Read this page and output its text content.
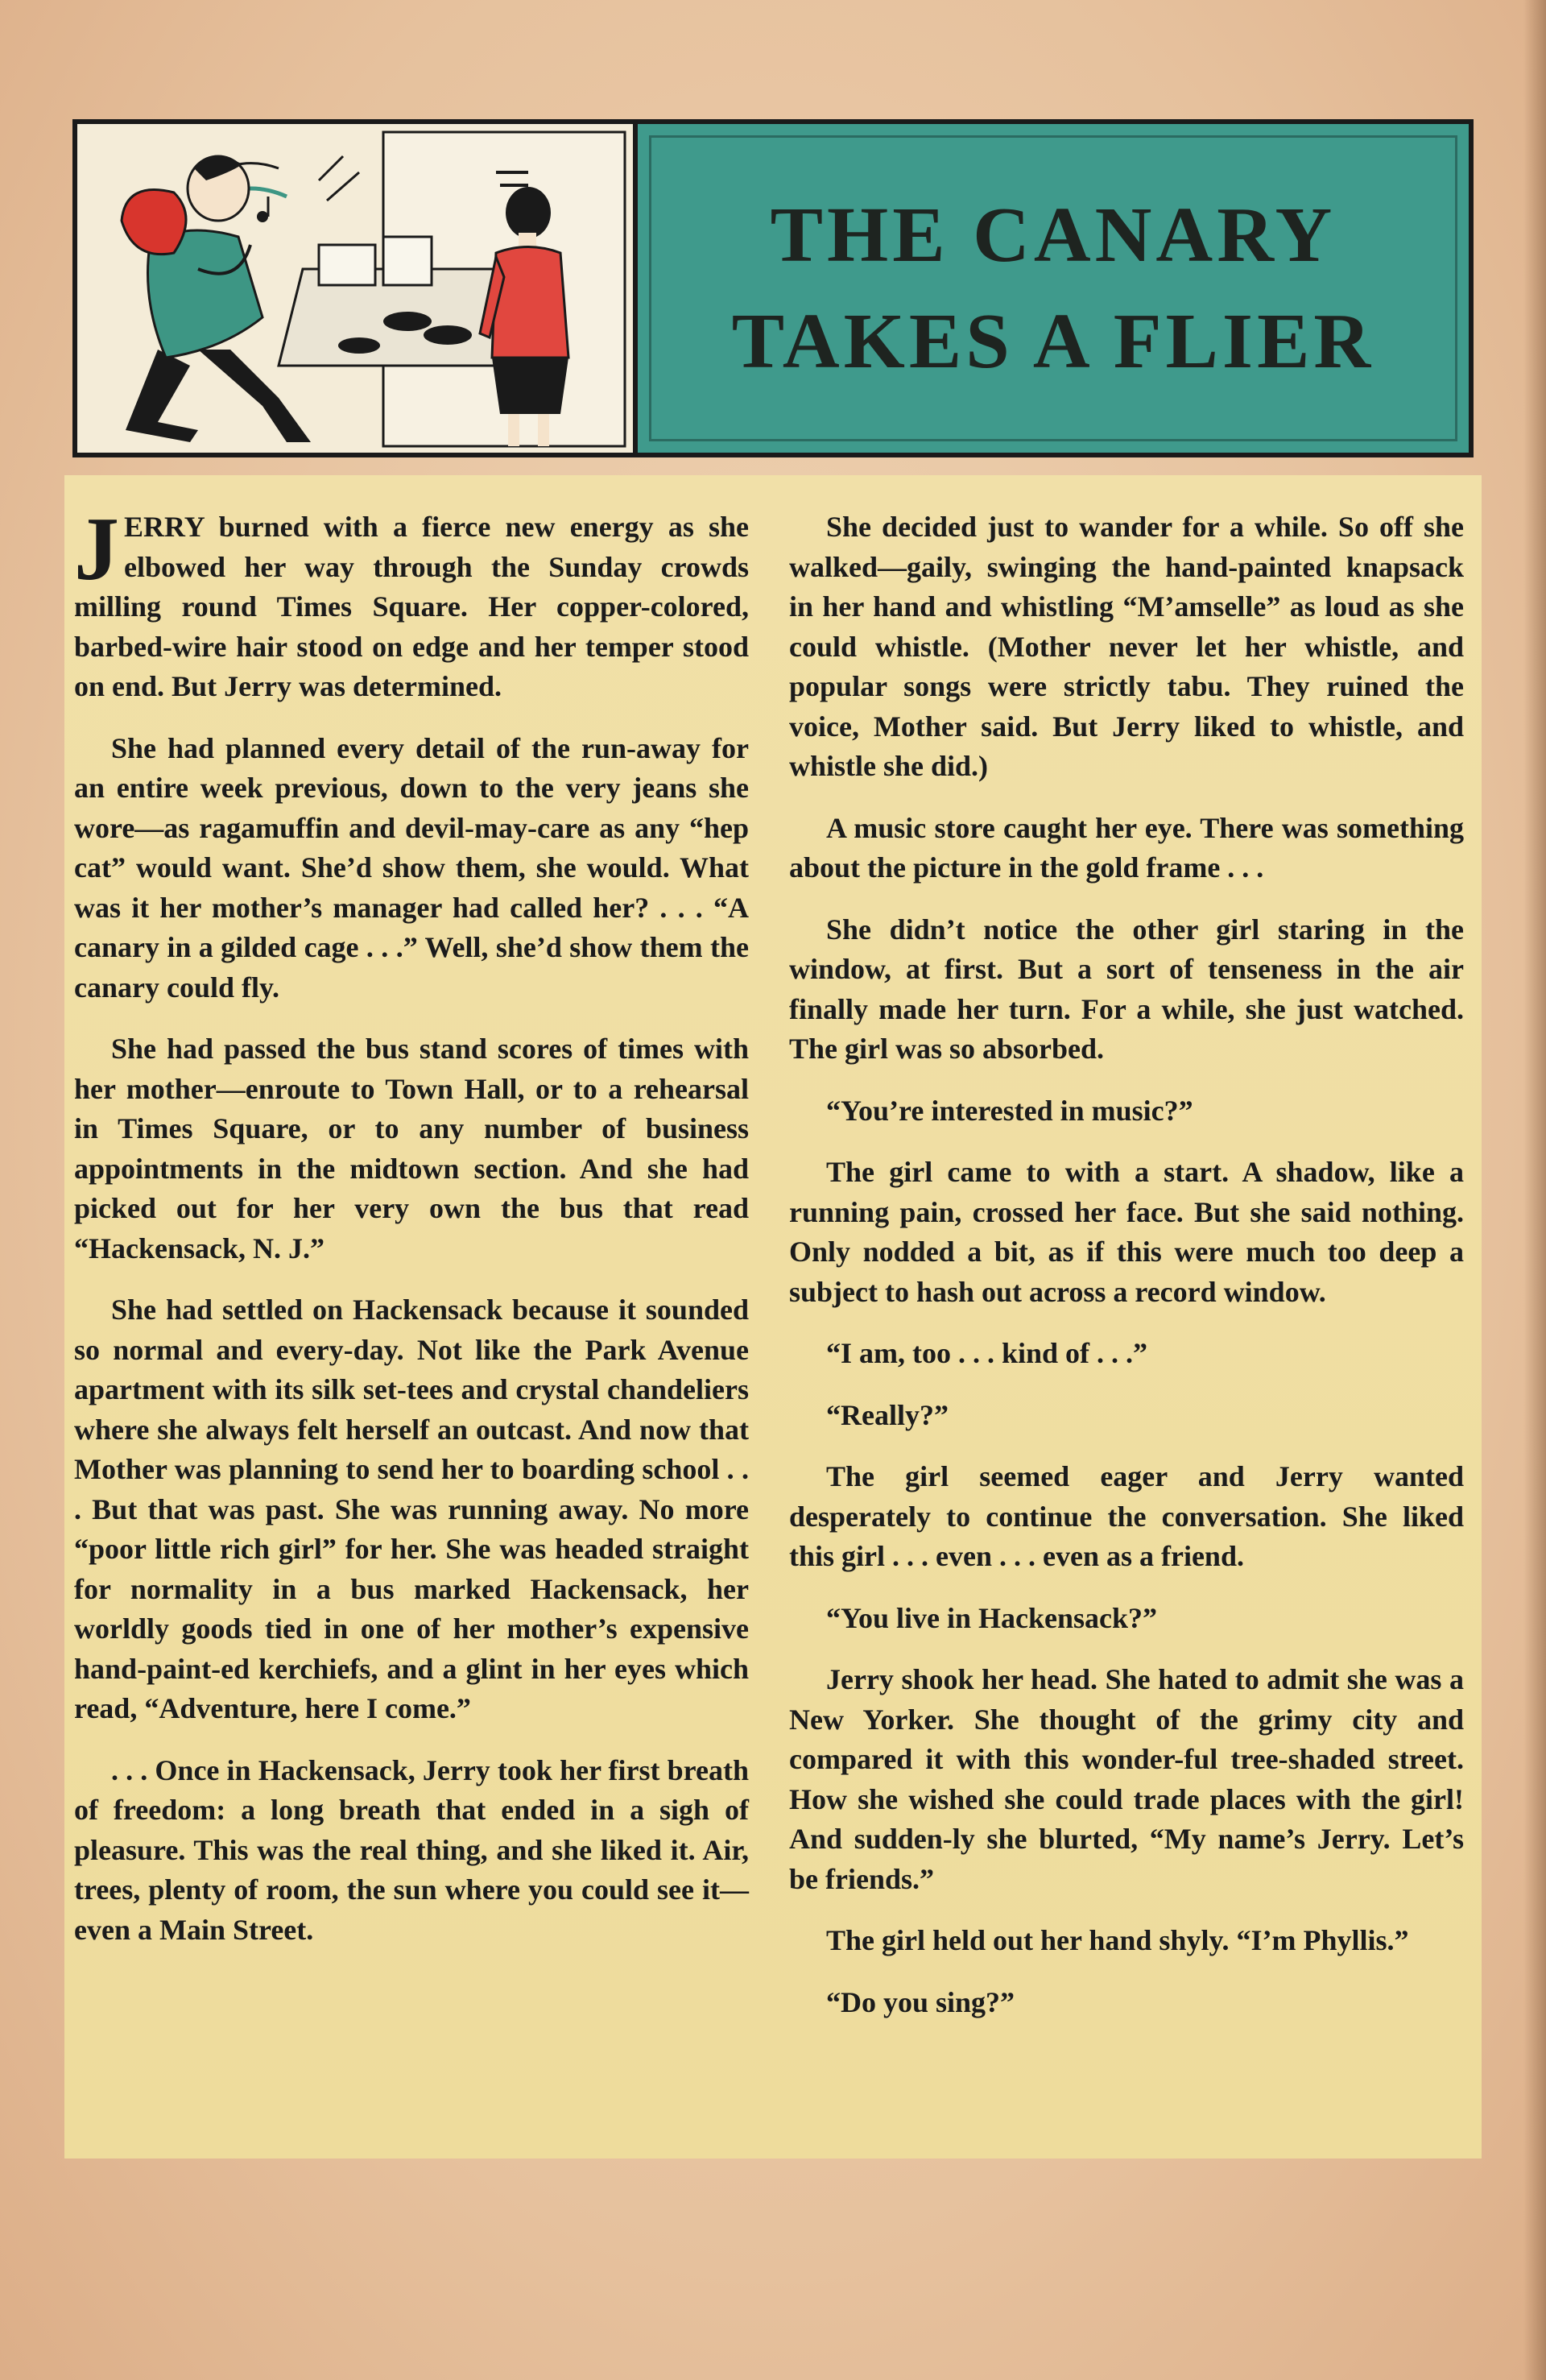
THE CANARY
TAKES A FLIER

JERRY burned with a fierce new energy as she elbowed her way through the Sunday crowds milling round Times Square. Her copper-colored, barbed-wire hair stood on edge and her temper stood on end. But Jerry was determined.

She had planned every detail of the run-away for an entire week previous, down to the very jeans she wore—as ragamuffin and devil-may-care as any “hep cat” would want. She’d show them, she would. What was it her mother’s manager had called her? . . . “A canary in a gilded cage . . .” Well, she’d show them the canary could fly.

She had passed the bus stand scores of times with her mother—enroute to Town Hall, or to a rehearsal in Times Square, or to any number of business appointments in the midtown section. And she had picked out for her very own the bus that read “Hackensack, N. J.”

She had settled on Hackensack because it sounded so normal and every-day. Not like the Park Avenue apartment with its silk set-tees and crystal chandeliers where she always felt herself an outcast. And now that Mother was planning to send her to boarding school . . . But that was past. She was running away. No more “poor little rich girl” for her. She was headed straight for normality in a bus marked Hackensack, her worldly goods tied in one of her mother’s expensive hand-paint-ed kerchiefs, and a glint in her eyes which read, “Adventure, here I come.”

. . . Once in Hackensack, Jerry took her first breath of freedom: a long breath that ended in a sigh of pleasure. This was the real thing, and she liked it. Air, trees, plenty of room, the sun where you could see it—even a Main Street.

She decided just to wander for a while. So off she walked—gaily, swinging the hand-painted knapsack in her hand and whistling “M’amselle” as loud as she could whistle. (Mother never let her whistle, and popular songs were strictly tabu. They ruined the voice, Mother said. But Jerry liked to whistle, and whistle she did.)

A music store caught her eye. There was something about the picture in the gold frame . . .

She didn’t notice the other girl staring in the window, at first. But a sort of tenseness in the air finally made her turn. For a while, she just watched. The girl was so absorbed.

“You’re interested in music?”

The girl came to with a start. A shadow, like a running pain, crossed her face. But she said nothing. Only nodded a bit, as if this were much too deep a subject to hash out across a record window.

“I am, too . . . kind of . . .”

“Really?”

The girl seemed eager and Jerry wanted desperately to continue the conversation. She liked this girl . . . even . . . even as a friend.

“You live in Hackensack?”

Jerry shook her head. She hated to admit she was a New Yorker. She thought of the grimy city and compared it with this wonder-ful tree-shaded street. How she wished she could trade places with the girl! And sudden-ly she blurted, “My name’s Jerry. Let’s be friends.”

The girl held out her hand shyly. “I’m Phyllis.”

“Do you sing?”
